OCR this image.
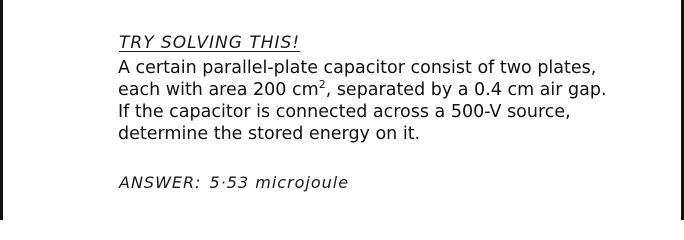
TRY SOLVING THIS!
A certain parallel-plate capacitor consist of two plates,
each with area 200 $cm^2$, separated by a 0.4 cm air gap.
If the capacitor is connected across a 500-V source,
determine the stored energy on it.
ANSWER: 5·53 microjoule
